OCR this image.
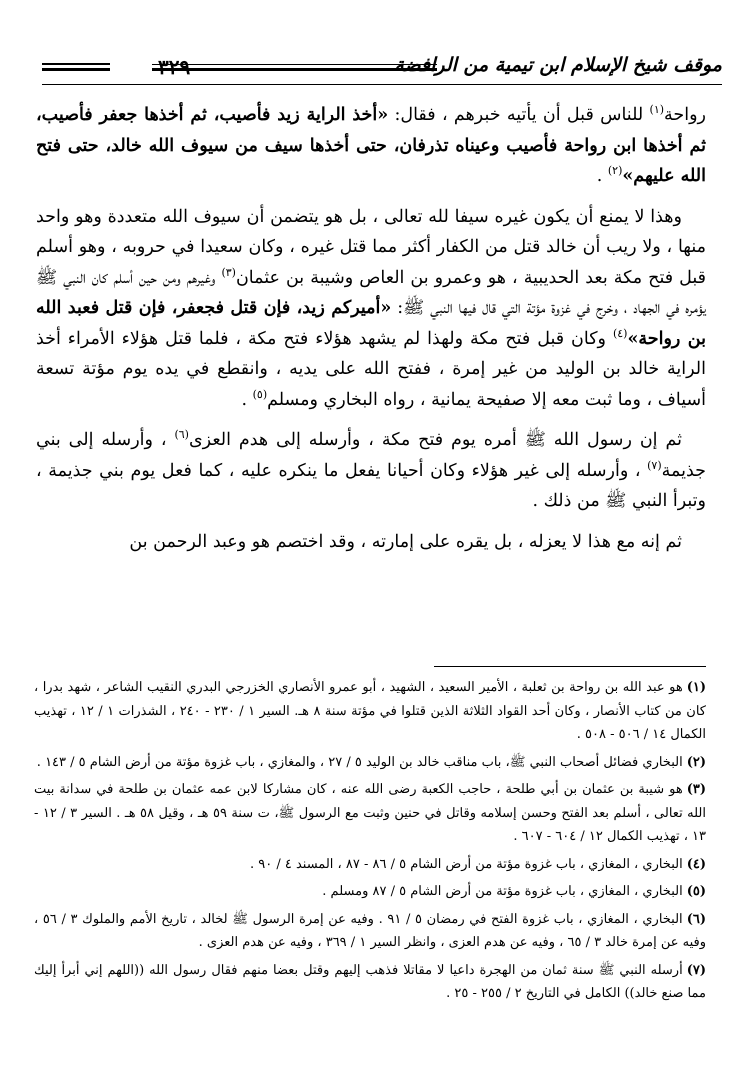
موقف شيخ الإسلام ابن تيمية من الرافضة
٣٢٩

رواحة$^{(١)}$ للناس قبل أن يأتيه خبرهم ، فقال: «أخذ الراية زيد فأصيب، ثم أخذها جعفر فأصيب، ثم أخذها ابن رواحة فأصيب وعيناه تذرفان، حتى أخذها سيف من سيوف الله خالد، حتى فتح الله عليهم»$^{(٢)}$ .

وهذا لا يمنع أن يكون غيره سيفا لله تعالى ، بل هو يتضمن أن سيوف الله متعددة وهو واحد منها ، ولا ريب أن خالد قتل من الكفار أكثر مما قتل غيره ، وكان سعيدا في حروبه ، وهو أسلم قبل فتح مكة بعد الحديبية ، هو وعمرو بن العاص وشيبة بن عثمان$^{(٣)}$ وغيرهم ومن حين أسلم كان النبي ﷺ يؤمره في الجهاد ، وخرج في غزوة مؤتة التي قال فيها النبي ﷺ: «أميركم زيد، فإن قتل فجعفر، فإن قتل فعبد الله بن رواحة»$^{(٤)}$ وكان قبل فتح مكة ولهذا لم يشهد هؤلاء فتح مكة ، فلما قتل هؤلاء الأمراء أخذ الراية خالد بن الوليد من غير إمرة ، ففتح الله على يديه ، وانقطع في يده يوم مؤتة تسعة أسياف ، وما ثبت معه إلا صفيحة يمانية ، رواه البخاري ومسلم$^{(٥)}$ .

ثم إن رسول الله ﷺ أمره يوم فتح مكة ، وأرسله إلى هدم العزى$^{(٦)}$ ، وأرسله إلى بني جذيمة$^{(٧)}$ ، وأرسله إلى غير هؤلاء وكان أحيانا يفعل ما ينكره عليه ، كما فعل يوم بني جذيمة ، وتبرأ النبي ﷺ من ذلك .

ثم إنه مع هذا لا يعزله ، بل يقره على إمارته ، وقد اختصم هو وعبد الرحمن بن

(١)هو عبد الله بن رواحة بن ثعلبة ، الأمير السعيد ، الشهيد ، أبو عمرو الأنصاري الخزرجي البدري النقيب الشاعر ، شهد بدرا ، كان من كتاب الأنصار ، وكان أحد القواد الثلاثة الذين قتلوا في مؤتة سنة ٨ هـ. السير ١ / ٢٣٠ - ٢٤٠ ، الشذرات ١ / ١٢ ، تهذيب الكمال ١٤ / ٥٠٦ - ٥٠٨ .
(٢)البخاري فضائل أصحاب النبي ﷺ، باب مناقب خالد بن الوليد ٥ / ٢٧ ، والمغازي ، باب غزوة مؤتة من أرض الشام ٥ / ١٤٣ .
(٣)هو شيبة بن عثمان بن أبي طلحة ، حاجب الكعبة رضى الله عنه ، كان مشاركا لابن عمه عثمان بن طلحة في سدانة بيت الله تعالى ، أسلم بعد الفتح وحسن إسلامه وقاتل في حنين وثبت مع الرسول ﷺ، ت سنة ٥٩ هـ ، وقيل ٥٨ هـ . السير ٣ / ١٢ - ١٣ ، تهذيب الكمال ١٢ / ٦٠٤ - ٦٠٧ .
(٤)البخاري ، المغازي ، باب غزوة مؤتة من أرض الشام ٥ / ٨٦ - ٨٧ ، المسند ٤ / ٩٠ .
(٥)البخاري ، المغازي ، باب غزوة مؤتة من أرض الشام ٥ / ٨٧ ومسلم .
(٦)البخاري ، المغازي ، باب غزوة الفتح في رمضان ٥ / ٩١ . وفيه عن إمرة الرسول ﷺ لخالد ، تاريخ الأمم والملوك ٣ / ٥٦ ، وفيه عن إمرة خالد ٣ / ٦٥ ، وفيه عن هدم العزى ، وانظر السير ١ / ٣٦٩ ، وفيه عن هدم العزى .
(٧)أرسله النبي ﷺ سنة ثمان من الهجرة داعيا لا مقاتلا فذهب إليهم وقتل بعضا منهم فقال رسول الله ((اللهم إني أبرأ إليك مما صنع خالد)) الكامل في التاريخ ٢ / ٢٥٥ - ٢٥ .
